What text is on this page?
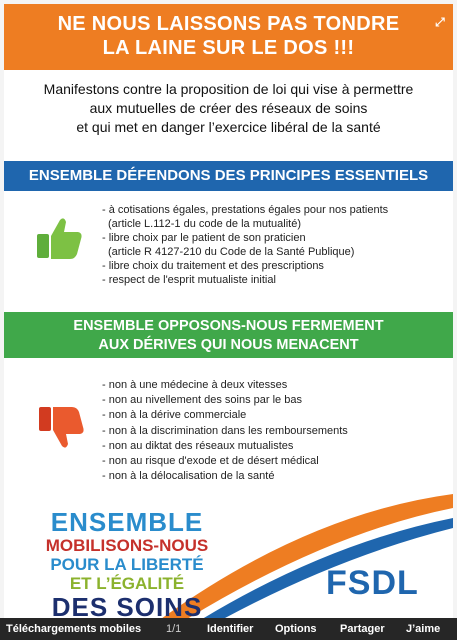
NE NOUS LAISSONS PAS TONDRE
LA LAINE SUR LE DOS !!!
⤢
Manifestons contre la proposition de loi qui vise à permettre
aux mutuelles de créer des réseaux de soins
et qui met en danger l’exercice libéral de la santé
ENSEMBLE DÉFENDONS DES PRINCIPES ESSENTIELS
- à cotisations égales, prestations égales pour nos patients
(article L.112-1 du code de la mutualité)
- libre choix par le patient de son praticien
(article R 4127-210 du Code de la Santé Publique)
- libre choix du traitement et des prescriptions
- respect de l'esprit mutualiste initial
ENSEMBLE OPPOSONS-NOUS FERMEMENT
AUX DÉRIVES QUI NOUS MENACENT
- non à une médecine à deux vitesses
- non au nivellement des soins par le bas
- non à la dérive commerciale
- non à la discrimination dans les remboursements
- non au diktat des réseaux mutualistes
- non au risque d'exode et de désert médical
- non à la délocalisation de la santé
ENSEMBLE
MOBILISONS-NOUS
POUR LA LIBERTÉ
ET L’ÉGALITÉ
DES SOINS
FSDL
Téléchargements mobiles 1/1 Identifier Options Partager J’aime
